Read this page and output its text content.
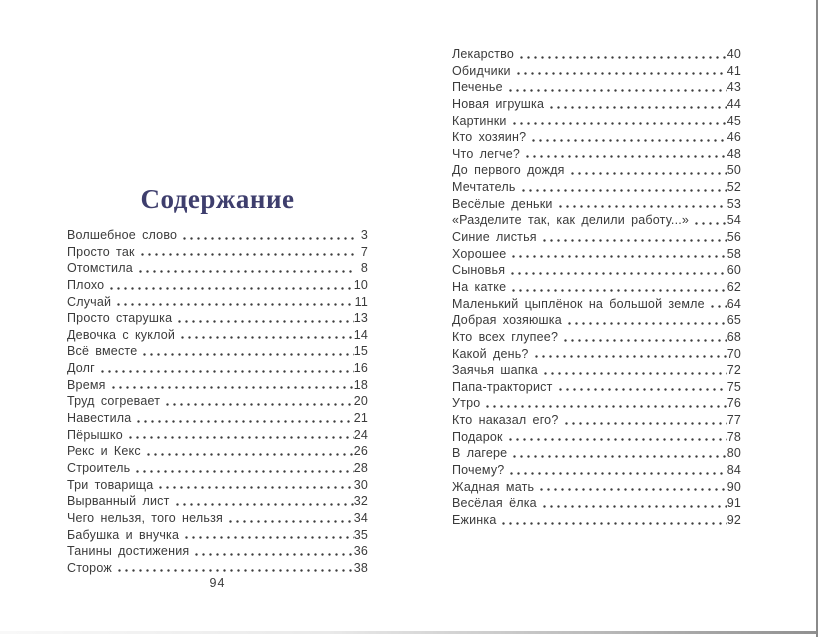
Содержание
Волшебное слово	3
Просто так	7
Отомстила	8
Плохо	10
Случай	11
Просто старушка	13
Девочка с куклой	14
Всё вместе	15
Долг	16
Время	18
Труд согревает	20
Навестила	21
Пёрышко	24
Рекс и Кекс	26
Строитель	28
Три товарища	30
Вырванный лист	32
Чего нельзя, того нельзя	34
Бабушка и внучка	35
Танины достижения	36
Сторож	38
Лекарство	40
Обидчики	41
Печенье	43
Новая игрушка	44
Картинки	45
Кто хозяин?	46
Что легче?	48
До первого дождя	50
Мечтатель	52
Весёлые деньки	53
«Разделите так, как делили работу...»	54
Синие листья	56
Хорошее	58
Сыновья	60
На катке	62
Маленький цыплёнок на большой земле 64
Добрая хозяюшка	65
Кто всех глупее?	68
Какой день?	70
Заячья шапка	72
Папа-тракторист	75
Утро	76
Кто наказал его?	77
Подарок	78
В лагере	80
Почему?	84
Жадная мать	90
Весёлая ёлка	91
Ежинка	92
94
